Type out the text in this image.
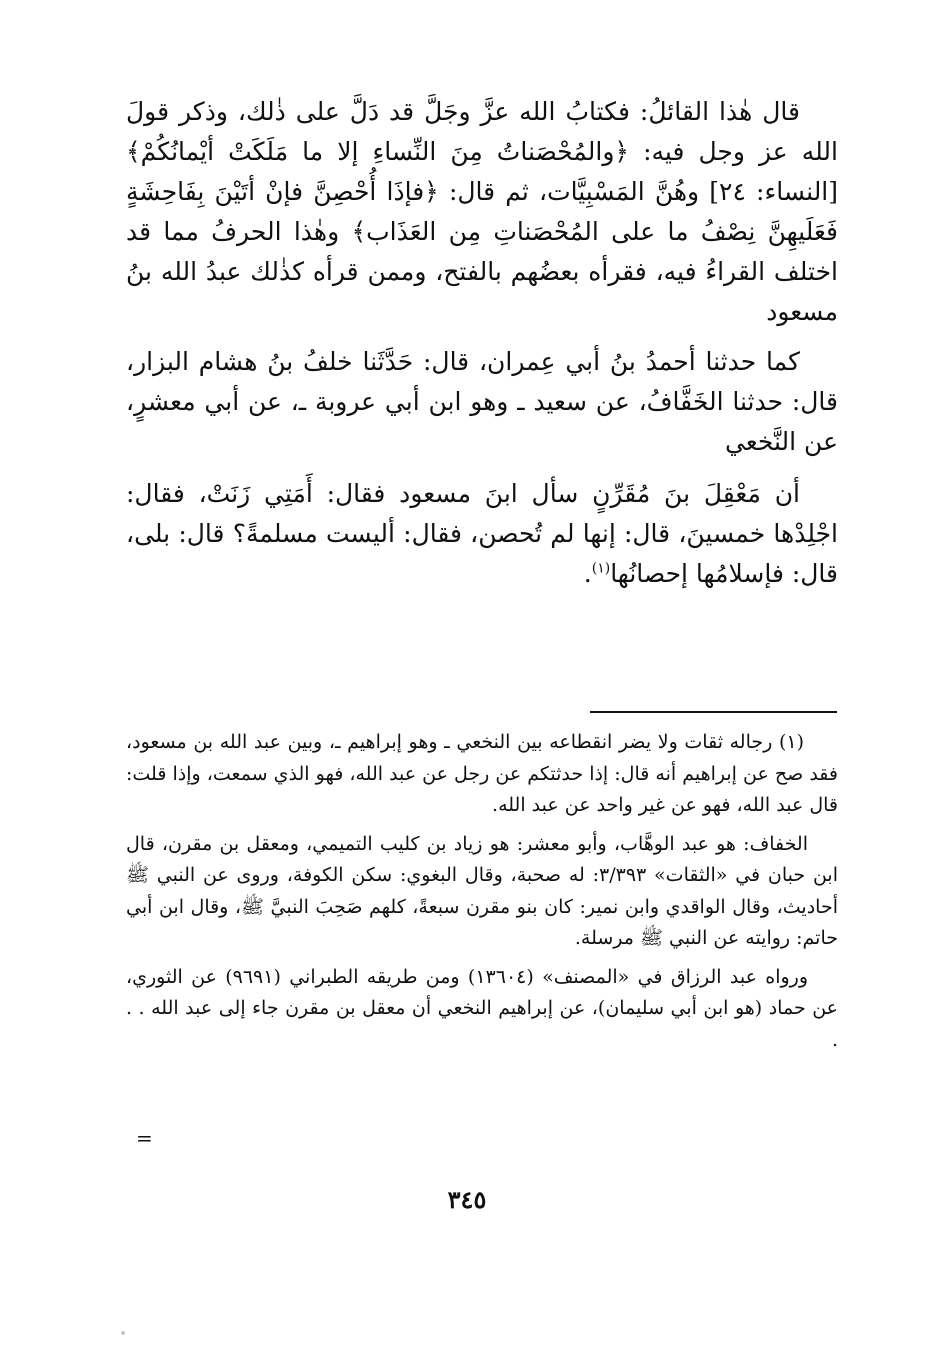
قال هٰذا القائلُ: فكتابُ الله عزَّ وجَلَّ قد دَلَّ على ذٰلك، وذكر قولَ الله عز وجل فيه: ﴿والمُحْصَناتُ مِنَ النِّساءِ إلا ما مَلَكَتْ أيْمانُكُمْ﴾ [النساء: ٢٤] وهُنَّ المَسْبِيَّات، ثم قال: ﴿فإذَا أُحْصِنَّ فإنْ أتَيْنَ بِفَاحِشَةٍ فَعَلَيهِنَّ نِصْفُ ما على المُحْصَناتِ مِن العَذَاب﴾ وهٰذا الحرفُ مما قد اختلف القراءُ فيه، فقرأه بعضُهم بالفتح، وممن قرأه كذٰلك عبدُ الله بنُ مسعود

كما حدثنا أحمدُ بنُ أبي عِمران، قال: حَدَّثَنا خلفُ بنُ هشام البزار، قال: حدثنا الخَفَّافُ، عن سعيد ـ وهو ابن أبي عروبة ـ، عن أبي معشرٍ، عن النَّخعي

أن مَعْقِلَ بنَ مُقَرِّنٍ سأل ابنَ مسعود فقال: أَمَتِي زَنَتْ، فقال: اجْلِدْها خمسينَ، قال: إنها لم تُحصن، فقال: أليست مسلمةً؟ قال: بلى، قال: فإسلامُها إحصانُها$^{(١)}$.

(١) رجاله ثقات ولا يضر انقطاعه بين النخعي ـ وهو إبراهيم ـ، وبين عبد الله بن مسعود، فقد صح عن إبراهيم أنه قال: إذا حدثتكم عن رجل عن عبد الله، فهو الذي سمعت، وإذا قلت: قال عبد الله، فهو عن غير واحد عن عبد الله.

الخفاف: هو عبد الوهَّاب، وأبو معشر: هو زياد بن كليب التميمي، ومعقل بن مقرن، قال ابن حبان في «الثقات» ٣/٣٩٣: له صحبة، وقال البغوي: سكن الكوفة، وروى عن النبي ﷺ أحاديث، وقال الواقدي وابن نمير: كان بنو مقرن سبعةً، كلهم صَحِبَ النبيَّ ﷺ، وقال ابن أبي حاتم: روايته عن النبي ﷺ مرسلة.

ورواه عبد الرزاق في «المصنف» (١٣٦٠٤) ومن طريقه الطبراني (٩٦٩١) عن الثوري، عن حماد (هو ابن أبي سليمان)، عن إبراهيم النخعي أن معقل بن مقرن جاء إلى عبد الله . . .

=
٣٤٥
